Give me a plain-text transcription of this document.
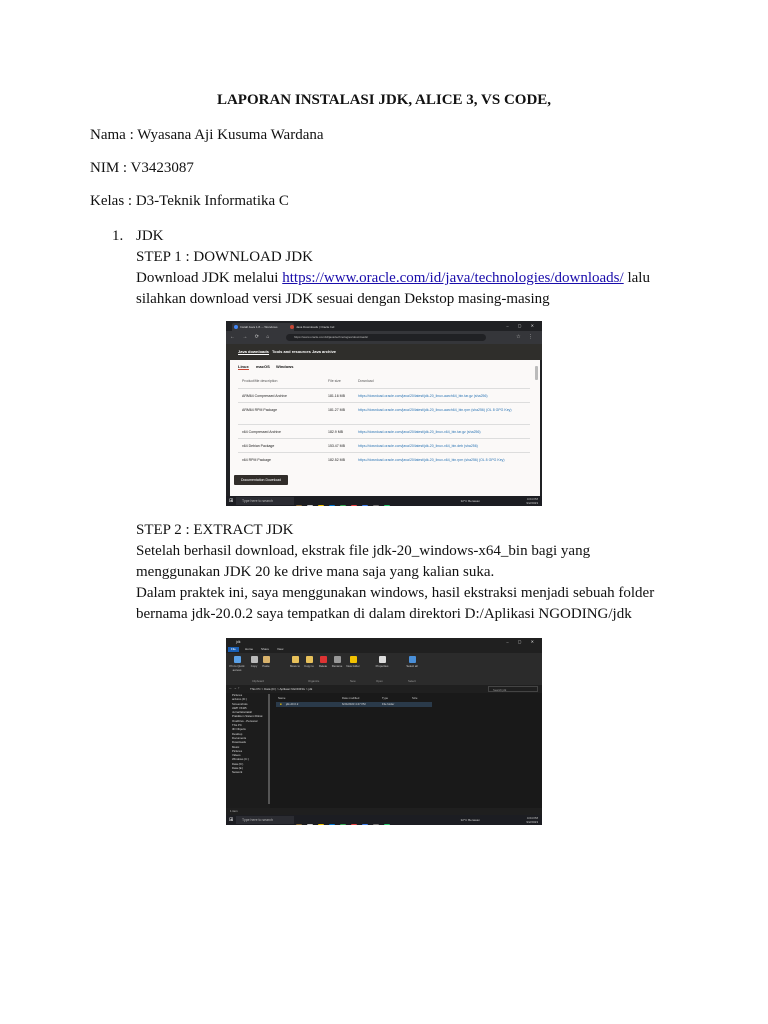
LAPORAN INSTALASI JDK, ALICE 3, VS CODE,
Nama : Wyasana Aji Kusuma Wardana
NIM : V3423087
Kelas : D3-Teknik Informatika C
1. JDK

STEP 1 : DOWNLOAD JDK

Download JDK melalui https://www.oracle.com/id/java/technologies/downloads/ lalu

silahkan download versi JDK sesuai dengan Dekstop masing-masing

Install Java 1.8...- Wondows	Java Downloads | Oracle Ind	– ▢ ✕
← → ⟳ ⌂	https://www.oracle.com/id/java/technologies/downloads/	☆ ⋮
Java downloads Tools and resources Java archive
Linux macOS Windows
Product/file description	File size	Download
ARM64 Compressed Archive	181.16 MB	https://download.oracle.com/java/20/latest/jdk-20_linux-aarch64_bin.tar.gz (sha256)
ARM64 RPM Package	181.27 MB	https://download.oracle.com/java/20/latest/jdk-20_linux-aarch64_bin.rpm (sha256) (OL 8 GPG Key)
x64 Compressed Archive	182.9 MB	https://download.oracle.com/java/20/latest/jdk-20_linux-x64_bin.tar.gz (sha256)
x64 Debian Package	153.47 MB	https://download.oracle.com/java/20/latest/jdk-20_linux-x64_bin.deb (sha256)
x64 RPM Package	182.52 MB	https://download.oracle.com/java/20/latest/jdk-20_linux-x64_bin.rpm (sha256) (OL 8 GPG Key)
Documentation Download
⊞	Type here to search	32°C Berawan	4:04 PM
9/2/2023

STEP 2 : EXTRACT JDK

Setelah berhasil download, ekstrak file jdk-20_windows-x64_bin bagi yang

menggunakan JDK 20 ke drive mana saja yang kalian suka.

Dalam praktek ini, saya menggunakan windows, hasil ekstraksi menjadi sebuah folder

bernama jdk-20.0.2 saya tempatkan di dalam direktori D:/Aplikasi NGODING/jdk

jdk	– ▢ ✕
File	Home	Share	View
Pin to Quick access
Copy	Paste	Move to	Copy to	Delete	Rename	New folder	Properties	Select all
Clipboard	Organize	New	Open	Select
← → ↑	This PC > Data (D:) > Aplikasi NGODING > jdk	Search jdk
Pictures
arduino (D:)
Screenshots
AWP VKI25
Jurnal Ekstrakkl
Praktikum Sistemi Dikrat
OneDrive - Personal
This PC
3D Objects
Desktop
Documents
Downloads
Music
Pictures
Videos
Windows (C:)
Data (D:)
Data (E:)
Network
Name	Date modified	Type	Size
■ jdk-20.0.2	6/24/2023 4:47 PM	File folder
1 item
⊞	Type here to search	32°C Berawan	4:04 PM
9/2/2023
